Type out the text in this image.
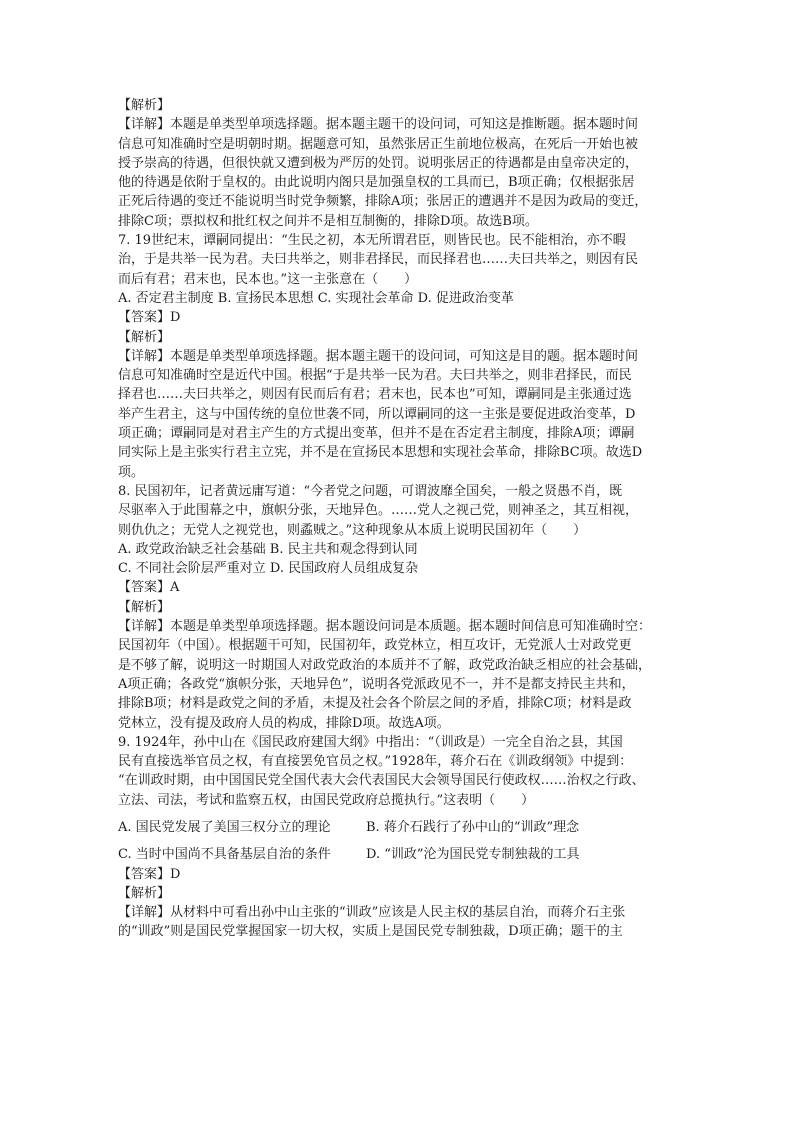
【解析】
【详解】本题是单类型单项选择题。据本题主题干的设问词，可知这是推断题。据本题时间
信息可知准确时空是明朝时期。据题意可知，虽然张居正生前地位极高，在死后一开始也被
授予崇高的待遇，但很快就又遭到极为严厉的处罚。说明张居正的待遇都是由皇帝决定的，
他的待遇是依附于皇权的。由此说明内阁只是加强皇权的工具而已，B项正确；仅根据张居
正死后待遇的变迁不能说明当时党争频繁，排除A项；张居正的遭遇并不是因为政局的变迁，
排除C项；票拟权和批红权之间并不是相互制衡的，排除D项。故选B项。
7. 19世纪末，谭嗣同提出：“生民之初，本无所谓君臣，则皆民也。民不能相治，亦不暇
治，于是共举一民为君。夫曰共举之，则非君择民，而民择君也……夫曰共举之，则因有民
而后有君；君末也，民本也。”这一主张意在（　　）
A. 否定君主制度 B. 宣扬民本思想 C. 实现社会革命 D. 促进政治变革
【答案】D
【解析】
【详解】本题是单类型单项选择题。据本题主题干的设问词，可知这是目的题。据本题时间
信息可知准确时空是近代中国。根据“于是共举一民为君。夫曰共举之，则非君择民，而民
择君也……夫曰共举之，则因有民而后有君；君末也，民本也”可知，谭嗣同是主张通过选
举产生君主，这与中国传统的皇位世袭不同，所以谭嗣同的这一主张是要促进政治变革，D
项正确；谭嗣同是对君主产生的方式提出变革，但并不是在否定君主制度，排除A项；谭嗣
同实际上是主张实行君主立宪，并不是在宣扬民本思想和实现社会革命，排除BC项。故选D
项。
8. 民国初年，记者黄远庸写道：“今者党之问题，可谓波靡全国矣，一般之贤愚不肖，既
尽驱率入于此围幕之中，旗帜分张，天地异色。……党人之视己党，则神圣之，其互相视，
则仇仇之；无党人之视党也，则蟊贼之。”这种现象从本质上说明民国初年（　　）
A. 政党政治缺乏社会基础 B. 民主共和观念得到认同
C. 不同社会阶层严重对立 D. 民国政府人员组成复杂
【答案】A
【解析】
【详解】本题是单类型单项选择题。据本题设问词是本质题。据本题时间信息可知准确时空：
民国初年（中国）。根据题干可知，民国初年，政党林立，相互攻讦，无党派人士对政党更
是不够了解，说明这一时期国人对政党政治的本质并不了解，政党政治缺乏相应的社会基础，
A项正确；各政党“旗帜分张，天地异色”，说明各党派政见不一，并不是都支持民主共和，
排除B项；材料是政党之间的矛盾，未提及社会各个阶层之间的矛盾，排除C项；材料是政
党林立，没有提及政府人员的构成，排除D项。故选A项。
9. 1924年，孙中山在《国民政府建国大纲》中指出：“（训政是）一完全自治之县，其国
民有直接选举官员之权，有直接罢免官员之权。”1928年，蒋介石在《训政纲领》中提到：
“在训政时期，由中国国民党全国代表大会代表国民大会领导国民行使政权……治权之行政、
立法、司法，考试和监察五权，由国民党政府总揽执行。”这表明（　　）
A. 国民党发展了美国三权分立的理论	B. 蒋介石践行了孙中山的“训政”理念
C. 当时中国尚不具备基层自治的条件	D. “训政”沦为国民党专制独裁的工具
【答案】D
【解析】
【详解】从材料中可看出孙中山主张的“训政”应该是人民主权的基层自治，而蒋介石主张
的“训政”则是国民党掌握国家一切大权，实质上是国民党专制独裁，D项正确；题干的主
